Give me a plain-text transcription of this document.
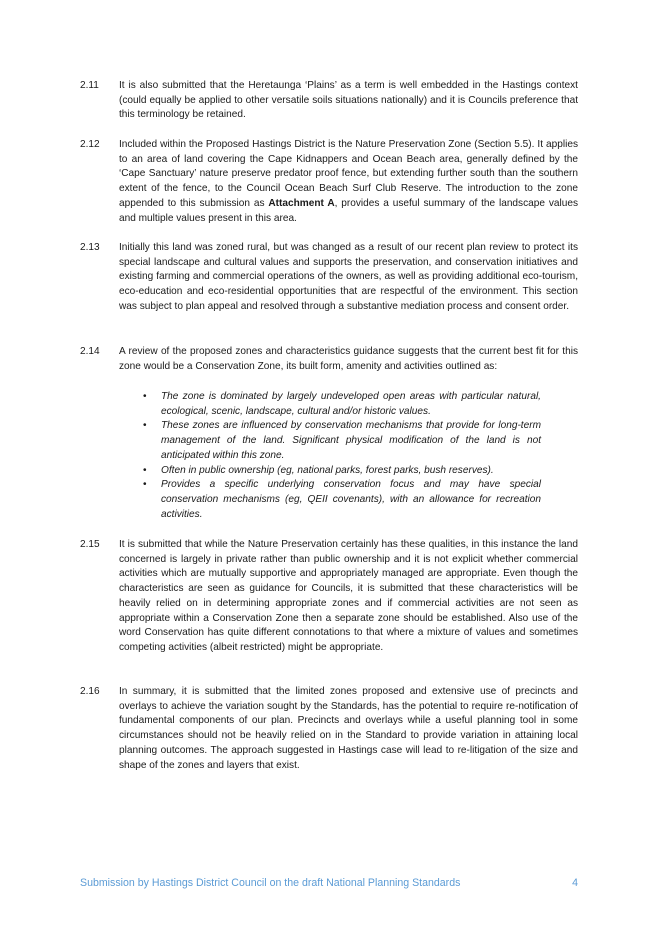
2.11	It is also submitted that the Heretaunga ‘Plains’ as a term is well embedded in the Hastings context (could equally be applied to other versatile soils situations nationally) and it is Councils preference that this terminology be retained.
2.12	Included within the Proposed Hastings District is the Nature Preservation Zone (Section 5.5). It applies to an area of land covering the Cape Kidnappers and Ocean Beach area, generally defined by the ‘Cape Sanctuary’ nature preserve predator proof fence, but extending further south than the southern extent of the fence, to the Council Ocean Beach Surf Club Reserve. The introduction to the zone appended to this submission as Attachment A, provides a useful summary of the landscape values and multiple values present in this area.
2.13	Initially this land was zoned rural, but was changed as a result of our recent plan review to protect its special landscape and cultural values and supports the preservation, and conservation initiatives and existing farming and commercial operations of the owners, as well as providing additional eco-tourism, eco-education and eco-residential opportunities that are respectful of the environment. This section was subject to plan appeal and resolved through a substantive mediation process and consent order.
2.14	A review of the proposed zones and characteristics guidance suggests that the current best fit for this zone would be a Conservation Zone, its built form, amenity and activities outlined as:
• The zone is dominated by largely undeveloped open areas with particular natural, ecological, scenic, landscape, cultural and/or historic values.
• These zones are influenced by conservation mechanisms that provide for long-term management of the land. Significant physical modification of the land is not anticipated within this zone.
• Often in public ownership (eg, national parks, forest parks, bush reserves).
• Provides a specific underlying conservation focus and may have special conservation mechanisms (eg, QEII covenants), with an allowance for recreation activities.
2.15	It is submitted that while the Nature Preservation certainly has these qualities, in this instance the land concerned is largely in private rather than public ownership and it is not explicit whether commercial activities which are mutually supportive and appropriately managed are appropriate. Even though the characteristics are seen as guidance for Councils, it is submitted that these characteristics will be heavily relied on in determining appropriate zones and if commercial activities are not seen as appropriate within a Conservation Zone then a separate zone should be established. Also use of the word Conservation has quite different connotations to that where a mixture of values and sometimes competing activities (albeit restricted) might be appropriate.
2.16	In summary, it is submitted that the limited zones proposed and extensive use of precincts and overlays to achieve the variation sought by the Standards, has the potential to require re-notification of fundamental components of our plan. Precincts and overlays while a useful planning tool in some circumstances should not be heavily relied on in the Standard to provide variation in attaining local planning outcomes. The approach suggested in Hastings case will lead to re-litigation of the size and shape of the zones and layers that exist.
Submission by Hastings District Council on the draft National Planning Standards	4
